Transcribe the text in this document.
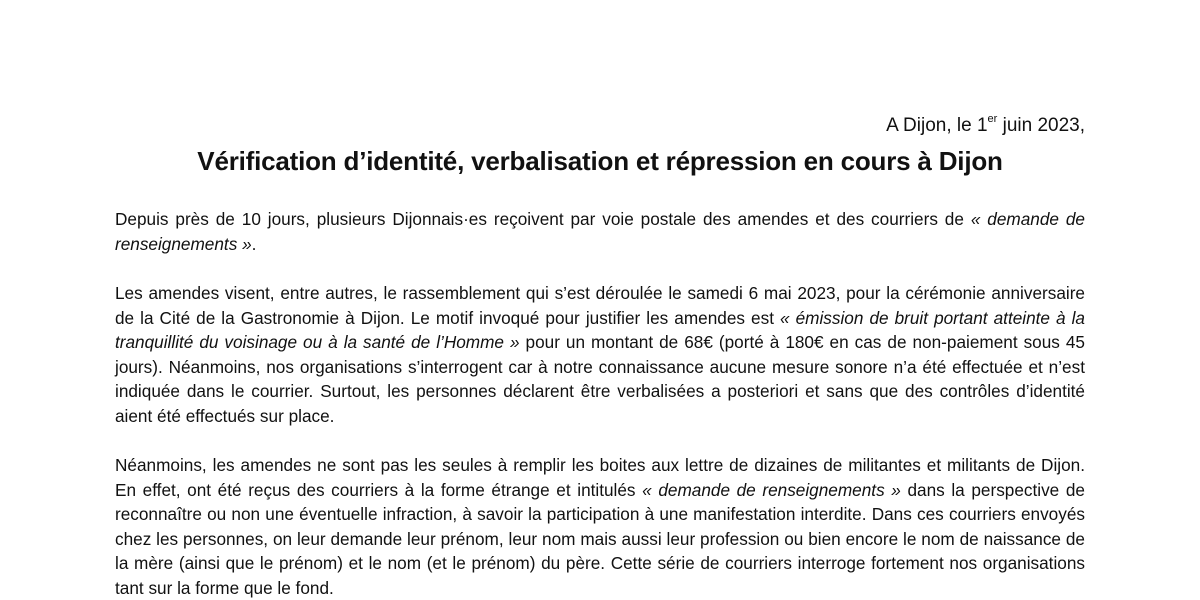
A Dijon, le 1er juin 2023,
Vérification d’identité, verbalisation et répression en cours à Dijon

Depuis près de 10 jours, plusieurs Dijonnais·es reçoivent par voie postale des amendes et des courriers de « demande de renseignements ».

Les amendes visent, entre autres, le rassemblement qui s’est déroulée le samedi 6 mai 2023, pour la cérémonie anniversaire de la Cité de la Gastronomie à Dijon. Le motif invoqué pour justifier les amendes est « émission de bruit portant atteinte à la tranquillité du voisinage ou à la santé de l’Homme » pour un montant de 68€ (porté à 180€ en cas de non-paiement sous 45 jours). Néanmoins, nos organisations s’interrogent car à notre connaissance aucune mesure sonore n’a été effectuée et n’est indiquée dans le courrier. Surtout, les personnes déclarent être verbalisées a posteriori et sans que des contrôles d’identité aient été effectués sur place.

Néanmoins, les amendes ne sont pas les seules à remplir les boites aux lettre de dizaines de militantes et militants de Dijon. En effet, ont été reçus des courriers à la forme étrange et intitulés « demande de renseignements » dans la perspective de reconnaître ou non une éventuelle infraction, à savoir la participation à une manifestation interdite. Dans ces courriers envoyés chez les personnes, on leur demande leur prénom, leur nom mais aussi leur profession ou bien encore le nom de naissance de la mère (ainsi que le prénom) et le nom (et le prénom) du père. Cette série de courriers interroge fortement nos organisations tant sur la forme que le fond.
